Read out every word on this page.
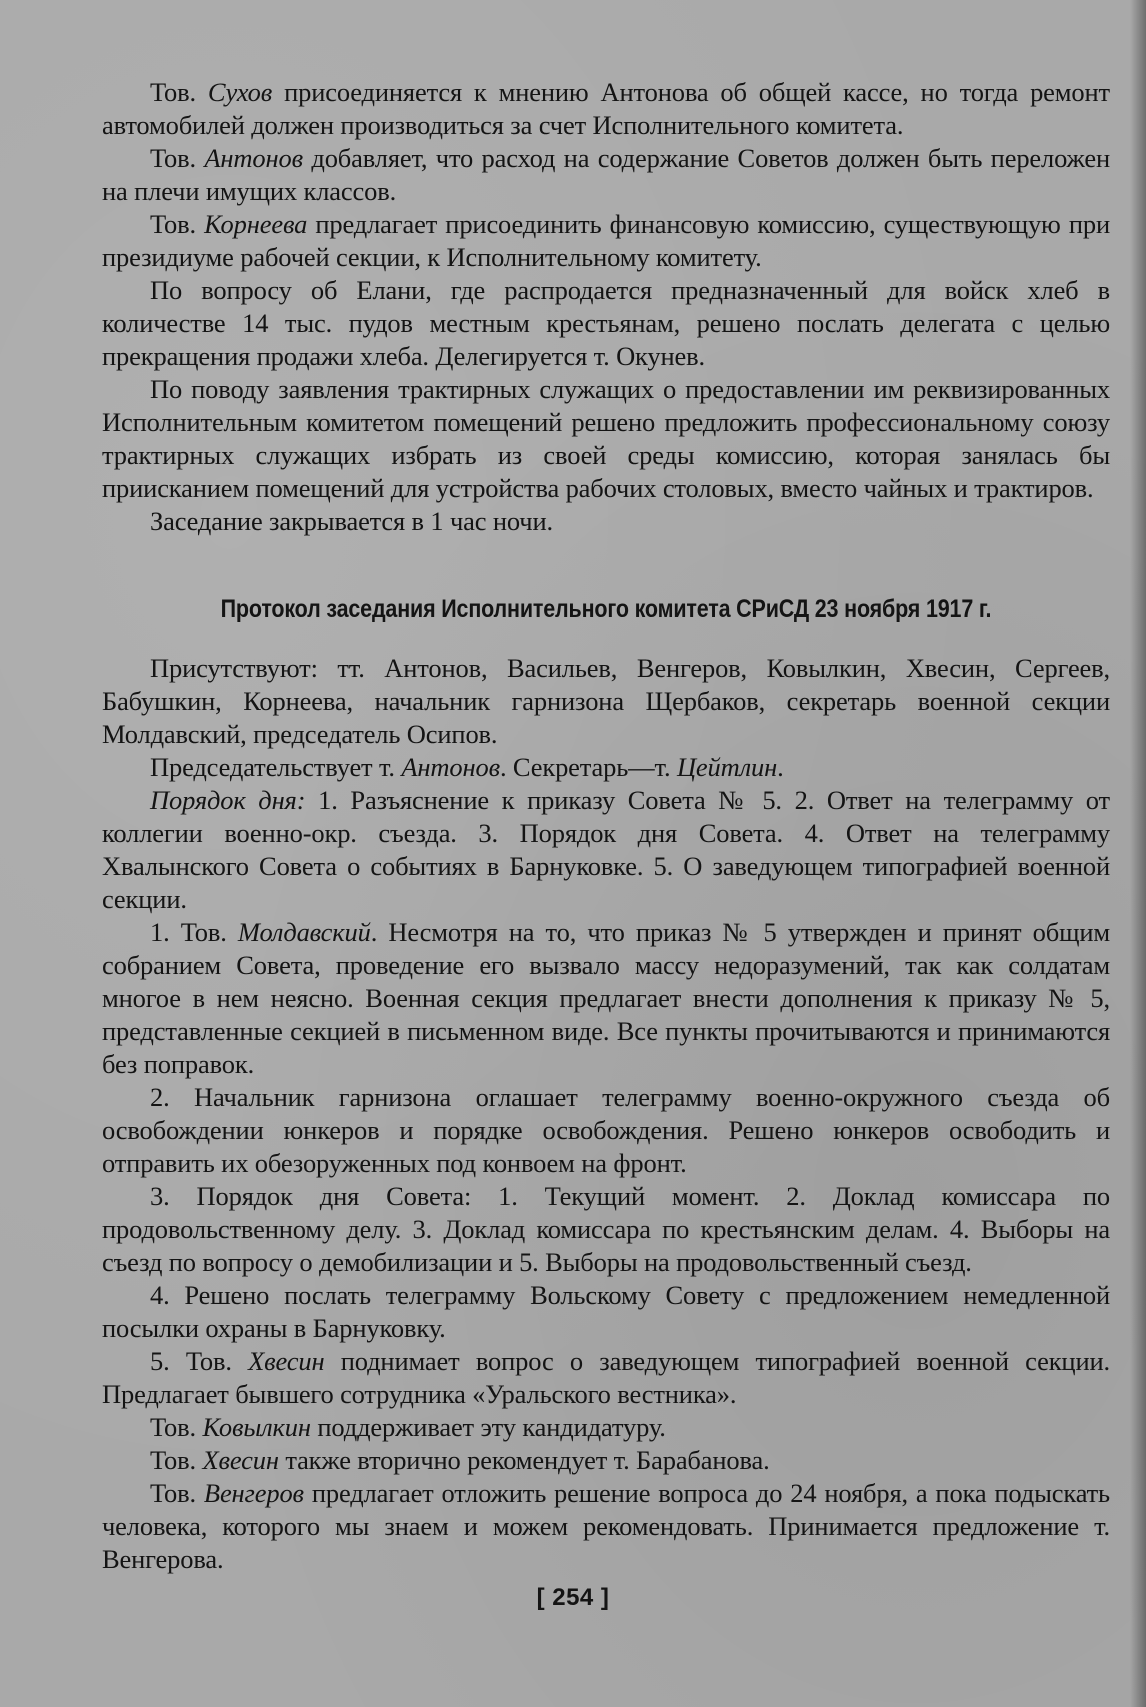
Тов. Сухов присоединяется к мнению Антонова об общей кассе, но тогда ремонт автомобилей должен производиться за счет Исполнительного комитета.

Тов. Антонов добавляет, что расход на содержание Советов должен быть переложен на плечи имущих классов.

Тов. Корнеева предлагает присоединить финансовую комиссию, существующую при президиуме рабочей секции, к Исполнительному комитету.

По вопросу об Елани, где распродается предназначенный для войск хлеб в количестве 14 тыс. пудов местным крестьянам, решено послать делегата с целью прекращения продажи хлеба. Делегируется т. Окунев.

По поводу заявления трактирных служащих о предоставлении им реквизированных Исполнительным комитетом помещений решено предложить профессиональному союзу трактирных служащих избрать из своей среды комиссию, которая занялась бы приисканием помещений для устройства рабочих столовых, вместо чайных и трактиров.

Заседание закрывается в 1 час ночи.

Протокол заседания Исполнительного комитета СРиСД 23 ноября 1917 г.

Присутствуют: тт. Антонов, Васильев, Венгеров, Ковылкин, Хвесин, Сергеев, Бабушкин, Корнеева, начальник гарнизона Щербаков, секретарь военной секции Молдавский, председатель Осипов.

Председательствует т. Антонов. Секретарь—т. Цейтлин.

Порядок дня: 1. Разъяснение к приказу Совета № 5. 2. Ответ на телеграмму от коллегии военно-окр. съезда. 3. Порядок дня Совета. 4. Ответ на телеграмму Хвалынского Совета о событиях в Барнуковке. 5. О заведующем типографией военной секции.

1. Тов. Молдавский. Несмотря на то, что приказ № 5 утвержден и принят общим собранием Совета, проведение его вызвало массу недоразумений, так как солдатам многое в нем неясно. Военная секция предлагает внести дополнения к приказу № 5, представленные секцией в письменном виде. Все пункты прочитываются и принимаются без поправок.

2. Начальник гарнизона оглашает телеграмму военно-окружного съезда об освобождении юнкеров и порядке освобождения. Решено юнкеров освободить и отправить их обезоруженных под конвоем на фронт.

3. Порядок дня Совета: 1. Текущий момент. 2. Доклад комиссара по продовольственному делу. 3. Доклад комиссара по крестьянским делам. 4. Выборы на съезд по вопросу о демобилизации и 5. Выборы на продовольственный съезд.

4. Решено послать телеграмму Вольскому Совету с предложением немедленной посылки охраны в Барнуковку.

5. Тов. Хвесин поднимает вопрос о заведующем типографией военной секции. Предлагает бывшего сотрудника «Уральского вестника».

Тов. Ковылкин поддерживает эту кандидатуру.

Тов. Хвесин также вторично рекомендует т. Барабанова.

Тов. Венгеров предлагает отложить решение вопроса до 24 ноября, а пока подыскать человека, которого мы знаем и можем рекомендовать. Принимается предложение т. Венгерова.

[ 254 ]
